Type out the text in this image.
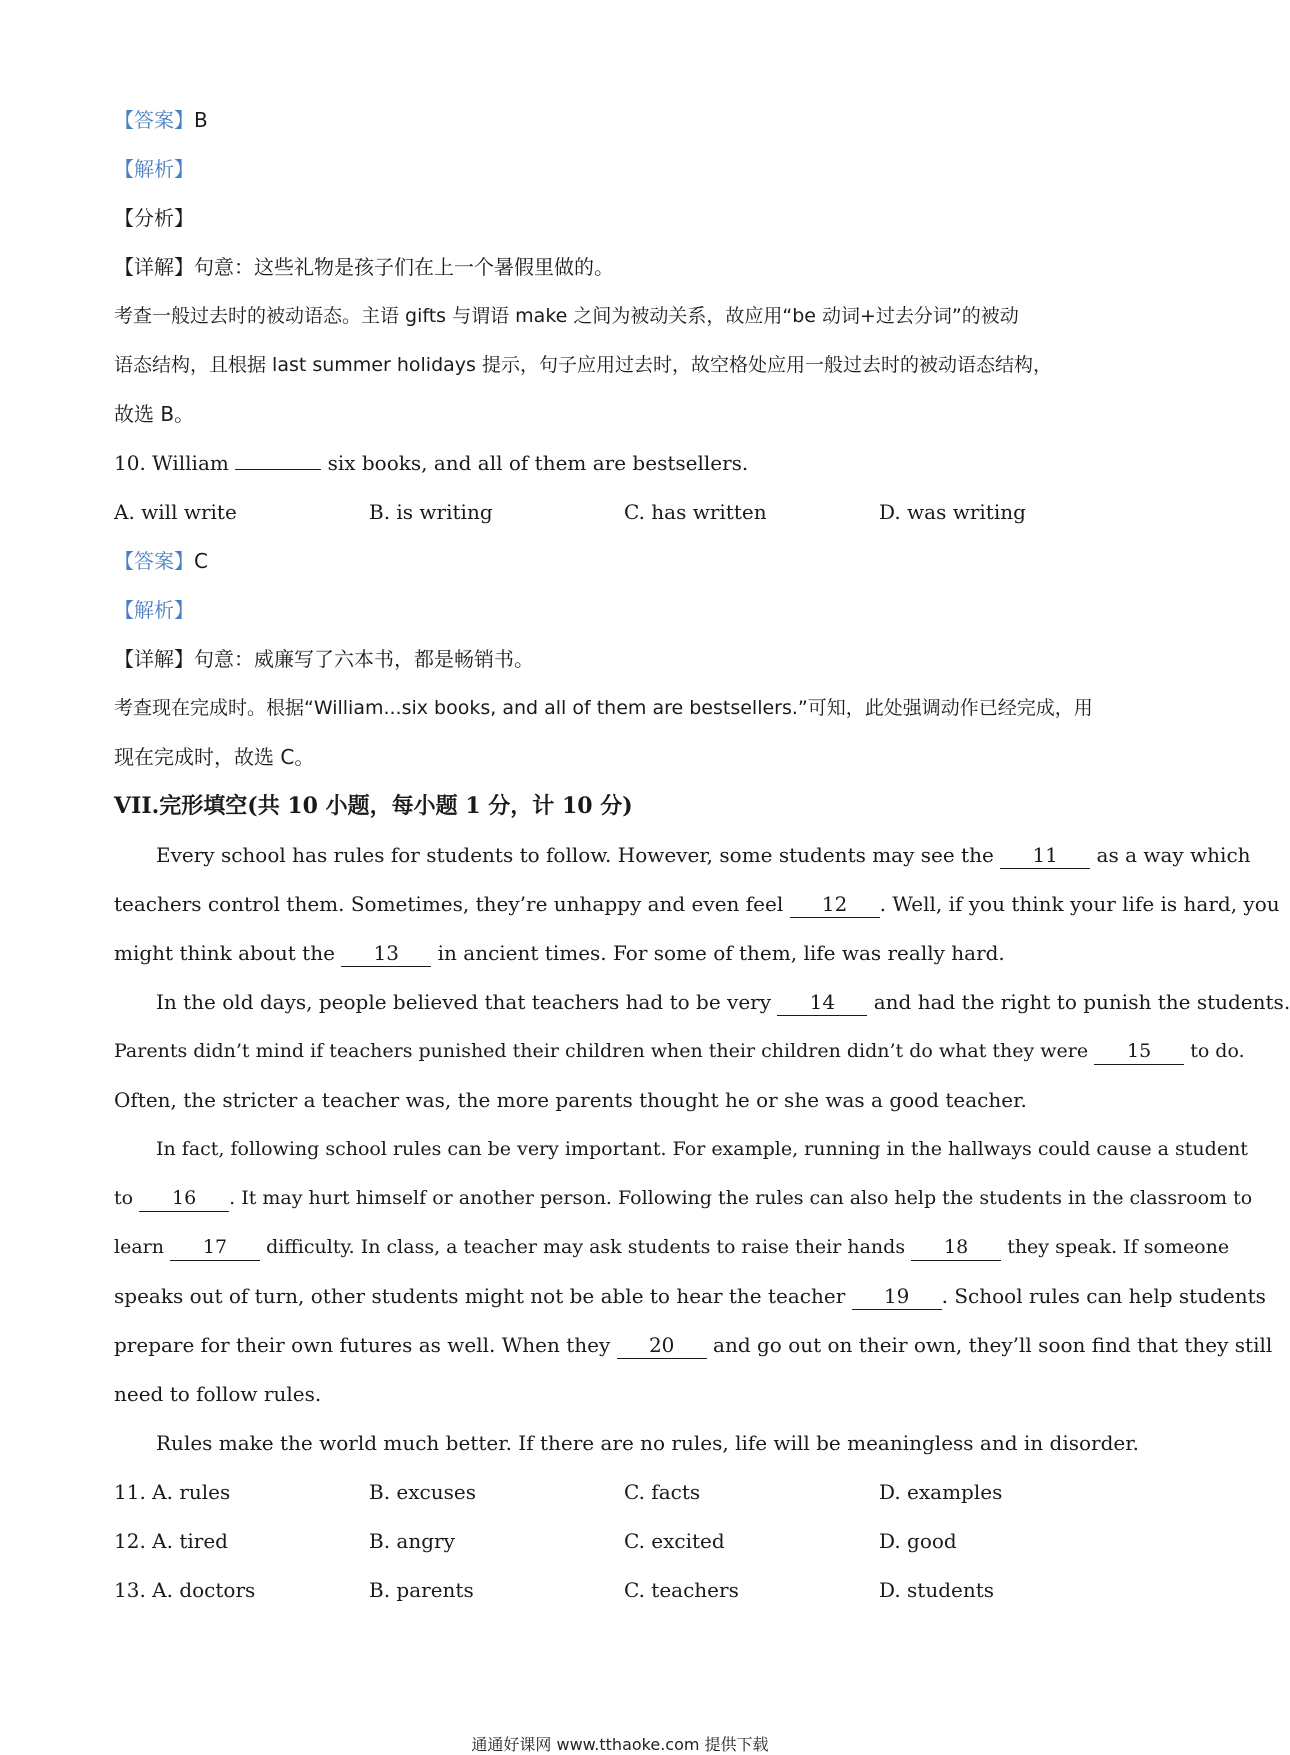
【答案】B
【解析】
【分析】
【详解】句意：这些礼物是孩子们在上一个暑假里做的。
考查一般过去时的被动语态。主语 gifts 与谓语 make 之间为被动关系，故应用“be 动词+过去分词”的被动
语态结构，且根据 last summer holidays 提示，句子应用过去时，故空格处应用一般过去时的被动语态结构，
故选 B。
10. William	six books, and all of them are bestsellers.
A. will write	B. is writing	C. has written	D. was writing
【答案】C
【解析】
【详解】句意：威廉写了六本书，都是畅销书。
考查现在完成时。根据“William...six books, and all of them are bestsellers.”可知，此处强调动作已经完成，用
现在完成时，故选 C。
VII.完形填空(共 10 小题，每小题 1 分，计 10 分)
Every school has rules for students to follow. However, some students may see the 11 as a way which
teachers control them. Sometimes, they’re unhappy and even feel 12 . Well, if you think your life is hard, you
might think about the 13 in ancient times. For some of them, life was really hard.
In the old days, people believed that teachers had to be very 14 and had the right to punish the students.
Parents didn’t mind if teachers punished their children when their children didn’t do what they were 15 to do.
Often, the stricter a teacher was, the more parents thought he or she was a good teacher.
In fact, following school rules can be very important. For example, running in the hallways could cause a student
to 16 . It may hurt himself or another person. Following the rules can also help the students in the classroom to
learn 17 difficulty. In class, a teacher may ask students to raise their hands 18 they speak. If someone
speaks out of turn, other students might not be able to hear the teacher 19 . School rules can help students
prepare for their own futures as well. When they 20 and go out on their own, they’ll soon find that they still
need to follow rules.
Rules make the world much better. If there are no rules, life will be meaningless and in disorder.
11. A. rules	B. excuses	C. facts	D. examples
12. A. tired	B. angry	C. excited	D. good
13. A. doctors	B. parents	C. teachers	D. students
通通好课网 www.tthaoke.com 提供下载
